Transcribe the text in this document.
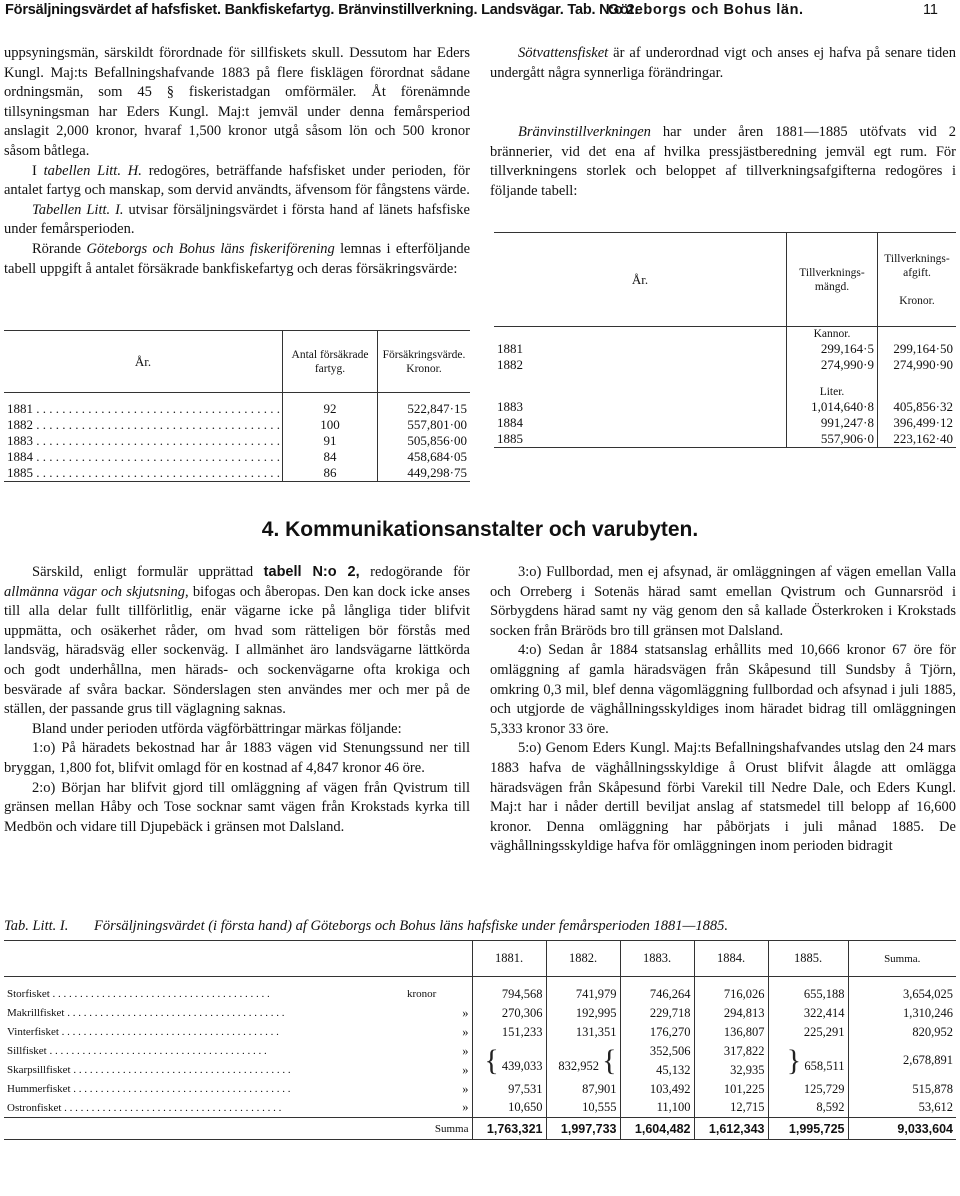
Försäljningsvärdet af hafsfisket. Bankfiskefartyg. Bränvinstillverkning. Landsvägar. Tab. N:o 2.
Göteborgs och Bohus län.	11

uppsyningsmän, särskildt förordnade för sillfiskets skull. Dessutom har Eders Kungl. Maj:ts Befallningshafvande 1883 på flere fisklägen förordnat sådane ordningsmän, som 45 § fiskeristadgan omförmäler. Åt förenämnde tillsyningsman har Eders Kungl. Maj:t jemväl under denna femårsperiod anslagit 2,000 kronor, hvaraf 1,500 kronor utgå såsom lön och 500 kronor såsom båtlega.

I tabellen Litt. H. redogöres, beträffande hafsfisket under perioden, för antalet fartyg och manskap, som dervid användts, äfvensom för fångstens värde.

Tabellen Litt. I. utvisar försäljningsvärdet i första hand af länets hafsfiske under femårsperioden.

Rörande Göteborgs och Bohus läns fiskeriförening lemnas i efterföljande tabell uppgift å antalet försäkrade bankfiskefartyg och deras försäkringsvärde:

År.	Antal försäkrade fartyg.	Försäkringsvärde. Kronor.

1881 . . .	92	522,847·15
1882 . . .	100	557,801·00
1883 . . .	91	505,856·00
1884 . . .	84	458,684·05
1885 . . .	86	449,298·75

Sötvattensfisket är af underordnad vigt och anses ej hafva på senare tiden undergått några synnerliga förändringar.

Bränvinstillverkningen har under åren 1881—1885 utöfvats vid 2 brännerier, vid det ena af hvilka pressjästberedning jemväl egt rum. För tillverkningens storlek och beloppet af tillverkningsafgifterna redogöres i följande tabell:

År.	Tillverknings-mängd.	Tillverknings-afgift.

Kronor.
	Kannor.	
1881	299,164·5	299,164·50
1882	274,990·9	274,990·90

	Liter.	
1883	1,014,640·8	405,856·32
1884	991,247·8	396,499·12
1885	557,906·0	223,162·40
4. Kommunikationsanstalter och varubyten.

Särskild, enligt formulär upprättad tabell N:o 2, redogörande för allmänna vägar och skjutsning, bifogas och åberopas. Den kan dock icke anses till alla delar fullt tillförlitlig, enär vägarne icke på långliga tider blifvit uppmätta, och osäkerhet råder, om hvad som rätteligen bör förstås med landsväg, häradsväg eller sockenväg. I allmänhet äro landsvägarne lättkörda och godt underhållna, men härads- och sockenvägarne ofta krokiga och besvärade af svåra backar. Sönderslagen sten användes mer och mer på de ställen, der passande grus till väglagning saknas.

Bland under perioden utförda vägförbättringar märkas följande:

1:o) På häradets bekostnad har år 1883 vägen vid Stenungssund ner till bryggan, 1,800 fot, blifvit omlagd för en kostnad af 4,847 kronor 46 öre.

2:o) Början har blifvit gjord till omläggning af vägen från Qvistrum till gränsen mellan Håby och Tose socknar samt vägen från Krokstads kyrka till Medbön och vidare till Djupebäck i gränsen mot Dalsland.

3:o) Fullbordad, men ej afsynad, är omläggningen af vägen emellan Valla och Orreberg i Sotenäs härad samt emellan Qvistrum och Gunnarsröd i Sörbygdens härad samt ny väg genom den så kallade Österkroken i Krokstads socken från Bräröds bro till gränsen mot Dalsland.

4:o) Sedan år 1884 statsanslag erhållits med 10,666 kronor 67 öre för omläggning af gamla häradsvägen från Skåpesund till Sundsby å Tjörn, omkring 0,3 mil, blef denna vägomläggning fullbordad och afsynad i juli 1885, och utgjorde de väghållningsskyldiges inom häradet bidrag till omläggningen 5,333 kronor 33 öre.

5:o) Genom Eders Kungl. Maj:ts Befallningshafvandes utslag den 24 mars 1883 hafva de väghållningsskyldige å Orust blifvit ålagde att omlägga häradsvägen från Skåpesund förbi Varekil till Nedre Dale, och Eders Kungl. Maj:t har i nåder dertill beviljat anslag af statsmedel till belopp af 16,600 kronor. Denna omläggning har påbörjats i juli månad 1885. De väghållningsskyldige hafva för omläggningen inom perioden bidragit

Tab. Litt. I. Försäljningsvärdet (i första hand) af Göteborgs och Bohus läns hafsfiske under femårsperioden 1881—1885.
		1881.	1882.	1883.	1884.	1885.	Summa.

Storfisket . . .	kronor	794,568	741,979	746,264	716,026	655,188	3,654,025
Makrillfisket . . .	»	270,306	192,995	229,718	294,813	322,414	1,310,246
Vinterfisket . . .	»	151,233	131,351	176,270	136,807	225,291	820,952
Sillfisket . . .	»	{ 439,033	832,952 {	352,506	317,822	} 658,511	2,678,891
Skarpsillfisket . . .	»			45,132	32,935		
Hummerfisket . . .	»	97,531	87,901	103,492	101,225	125,729	515,878
Ostronfisket . . .	»	10,650	10,555	11,100	12,715	8,592	53,612
	Summa	1,763,321	1,997,733	1,604,482	1,612,343	1,995,725	9,033,604
